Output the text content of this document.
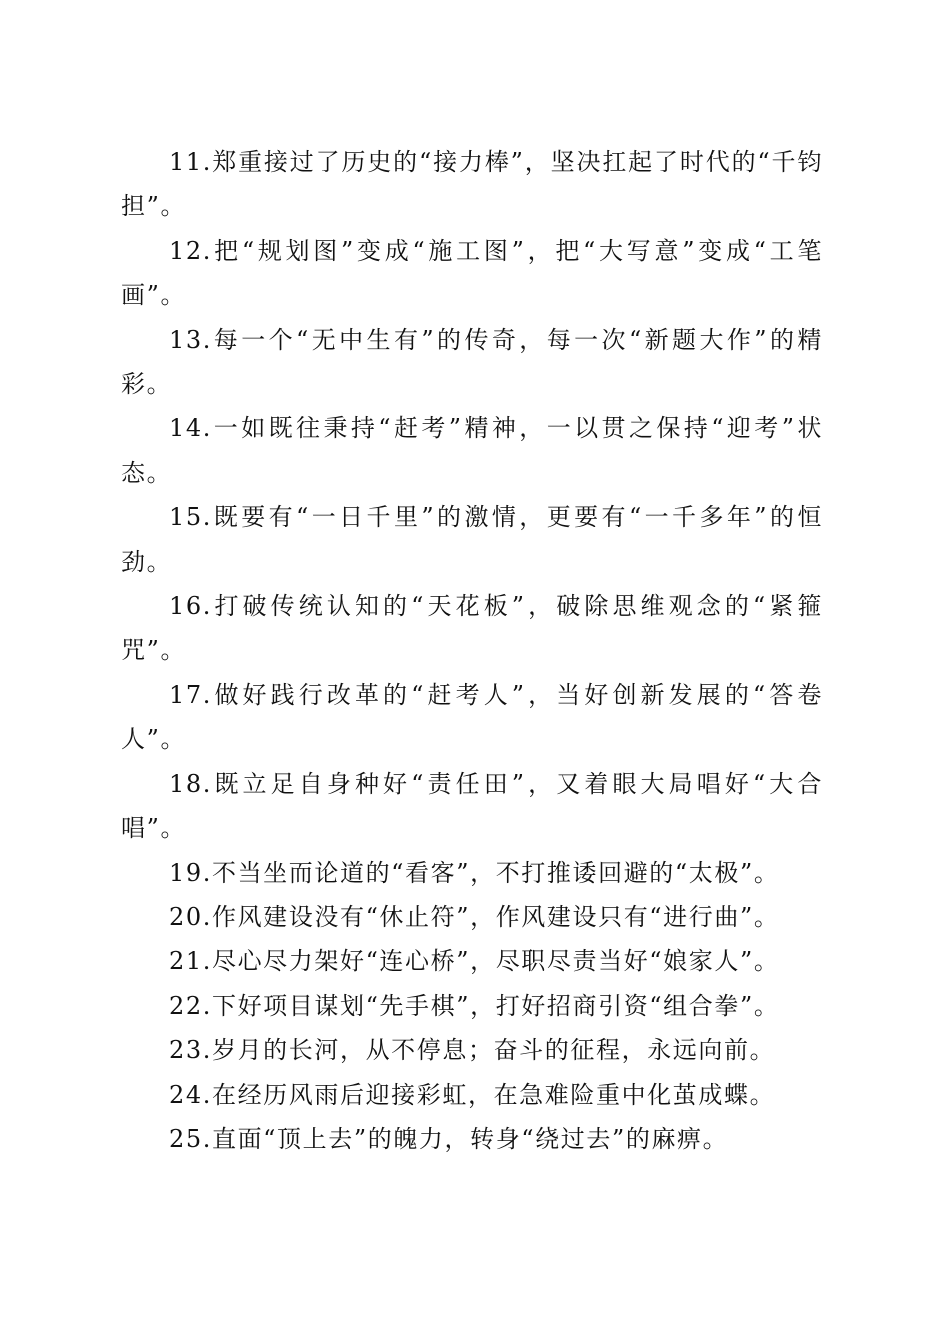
11.郑重接过了历史的“接力棒”，坚决扛起了时代的“千钧担”。

12.把“规划图”变成“施工图”，把“大写意”变成“工笔画”。

13.每一个“无中生有”的传奇，每一次“新题大作”的精彩。

14.一如既往秉持“赶考”精神，一以贯之保持“迎考”状态。

15.既要有“一日千里”的激情，更要有“一千多年”的恒劲。

16.打破传统认知的“天花板”，破除思维观念的“紧箍咒”。

17.做好践行改革的“赶考人”，当好创新发展的“答卷人”。

18.既立足自身种好“责任田”，又着眼大局唱好“大合唱”。

19.不当坐而论道的“看客”，不打推诿回避的“太极”。

20.作风建设没有“休止符”，作风建设只有“进行曲”。

21.尽心尽力架好“连心桥”，尽职尽责当好“娘家人”。

22.下好项目谋划“先手棋”，打好招商引资“组合拳”。

23.岁月的长河，从不停息；奋斗的征程，永远向前。

24.在经历风雨后迎接彩虹，在急难险重中化茧成蝶。

25.直面“顶上去”的魄力，转身“绕过去”的麻痹。
